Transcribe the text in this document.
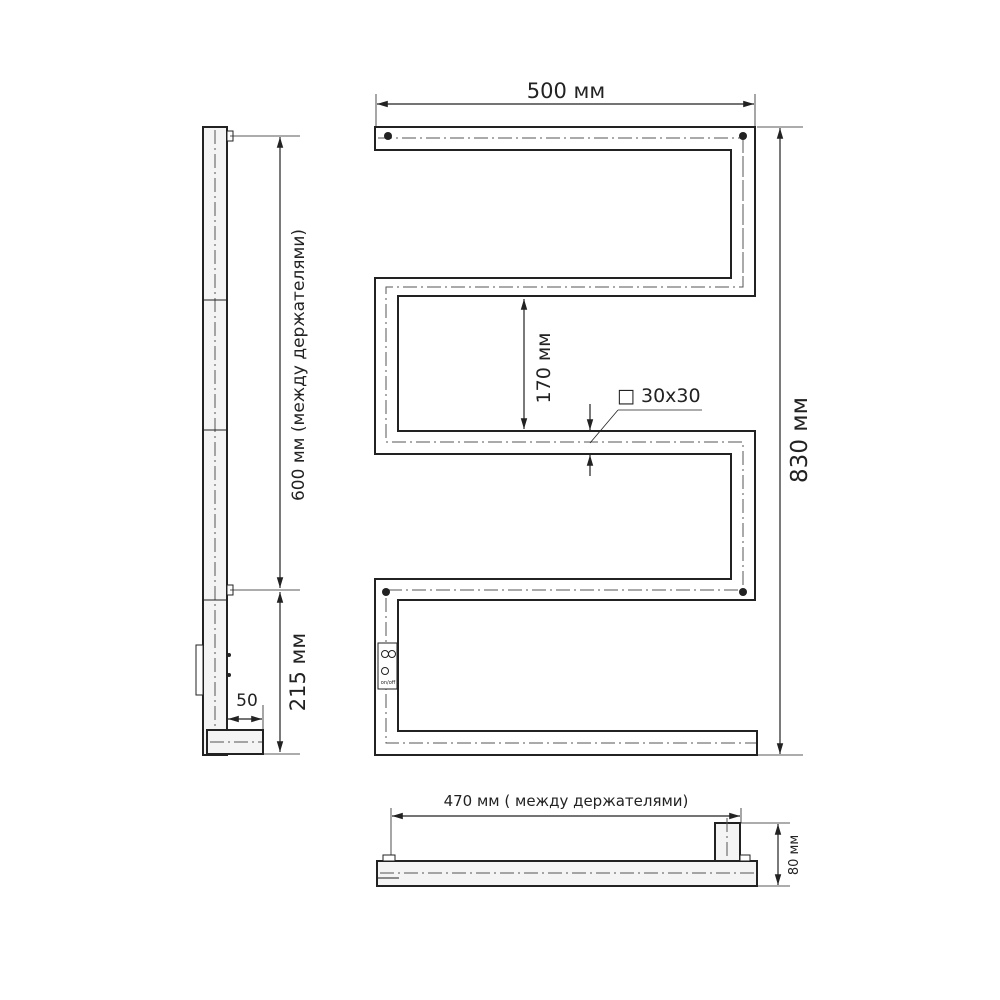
600 мм (между держателями)
215 мм
50
on/off
500 мм
830 мм
170 мм	□ 30х30
470 мм ( между держателями)
80 мм
